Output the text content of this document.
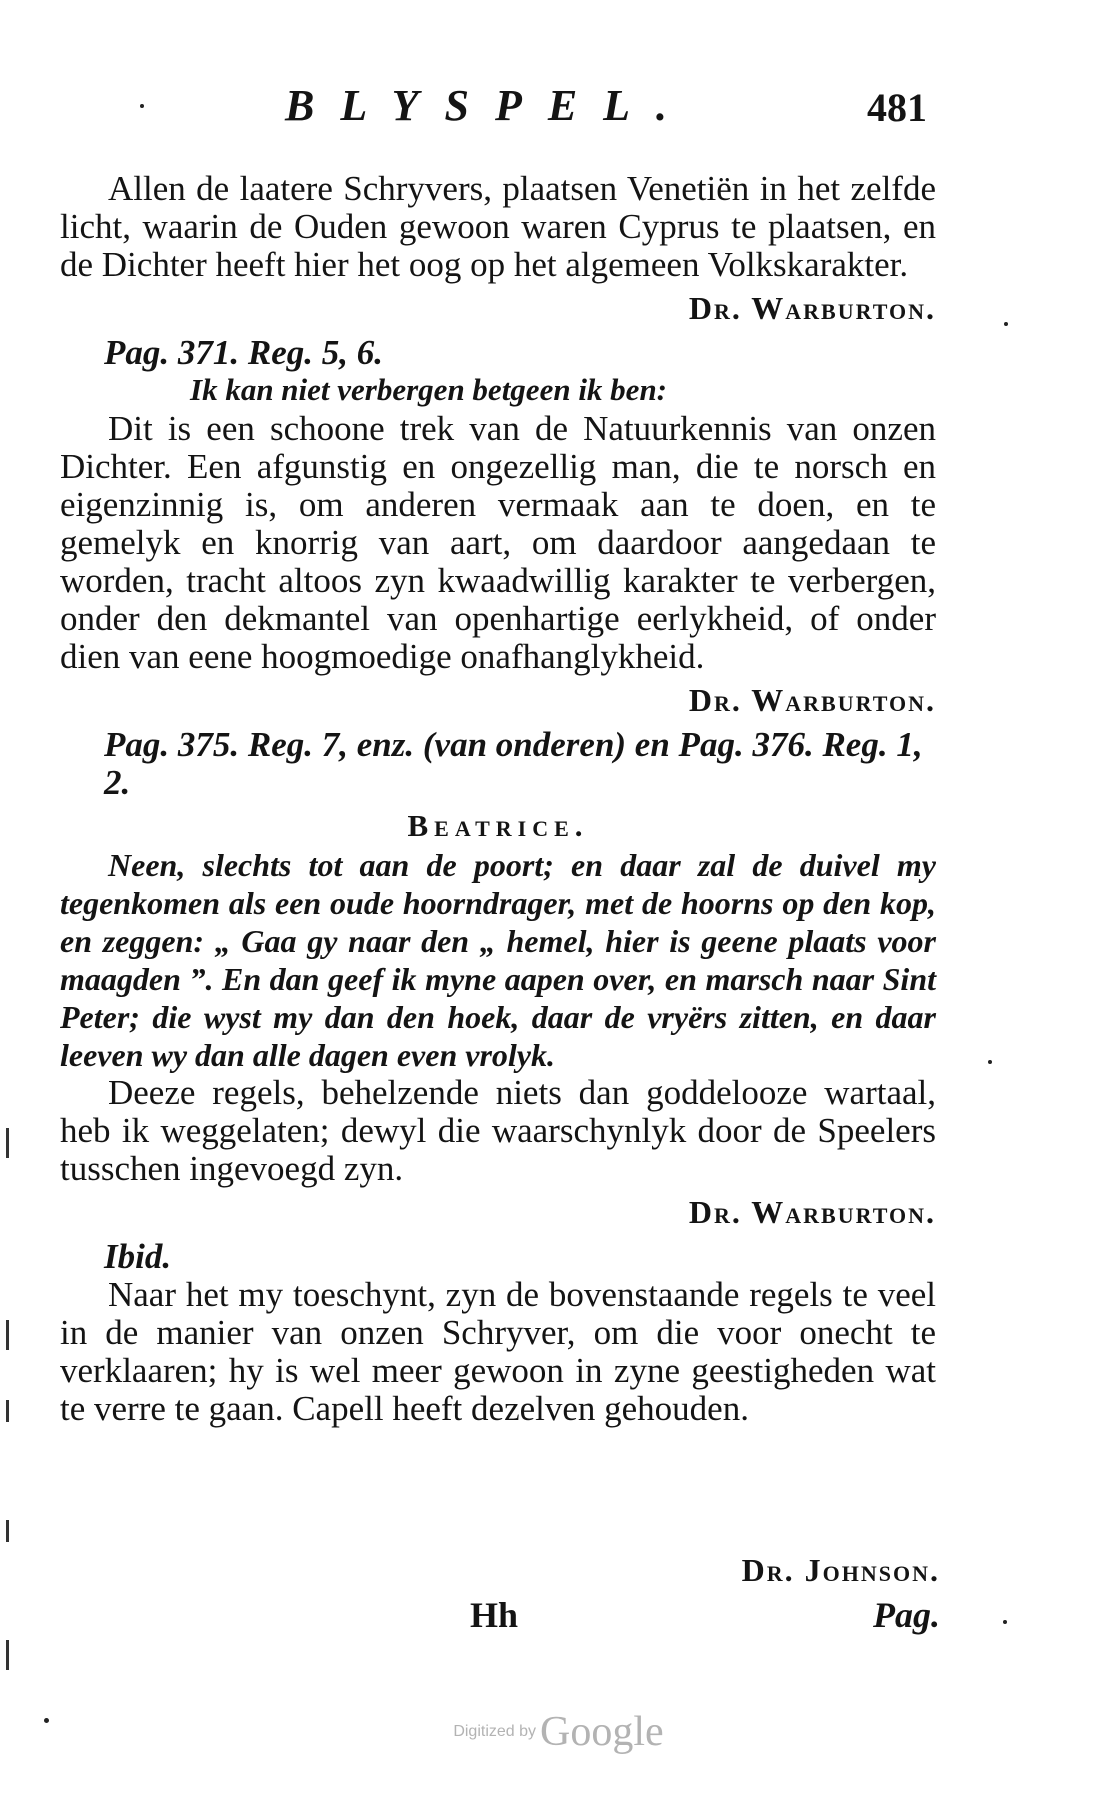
BLYSPEL.	481

Allen de laatere Schryvers, plaatsen Venetiën in het zelfde licht, waarin de Ouden gewoon waren Cyprus te plaatsen, en de Dichter heeft hier het oog op het algemeen Volkskarakter.

Dr. Warburton.
Pag. 371. Reg. 5, 6.
Ik kan niet verbergen betgeen ik ben:

Dit is een schoone trek van de Natuurkennis van onzen Dichter. Een afgunstig en ongezellig man, die te norsch en eigenzinnig is, om anderen vermaak aan te doen, en te gemelyk en knorrig van aart, om daardoor aangedaan te worden, tracht altoos zyn kwaadwillig karakter te verbergen, onder den dekmantel van openhartige eerlykheid, of onder dien van eene hoogmoedige onafhanglykheid.

Dr. Warburton.
Pag. 375. Reg. 7, enz. (van onderen) en Pag. 376. Reg. 1, 2.
Beatrice.

Neen, slechts tot aan de poort; en daar zal de duivel my tegenkomen als een oude hoorndrager, met de hoorns op den kop, en zeggen: „ Gaa gy naar den „ hemel, hier is geene plaats voor maagden ”. En dan geef ik myne aapen over, en marsch naar Sint Peter; die wyst my dan den hoek, daar de vryërs zitten, en daar leeven wy dan alle dagen even vrolyk.

Deeze regels, behelzende niets dan goddelooze wartaal, heb ik weggelaten; dewyl die waarschynlyk door de Speelers tusschen ingevoegd zyn.

Dr. Warburton.
Ibid.

Naar het my toeschynt, zyn de bovenstaande regels te veel in de manier van onzen Schryver, om die voor onecht te verklaaren; hy is wel meer gewoon in zyne geestigheden wat te verre te gaan. Capell heeft dezelven gehouden.

Dr. Johnson.
Hh	Pag.
Digitized by Google
